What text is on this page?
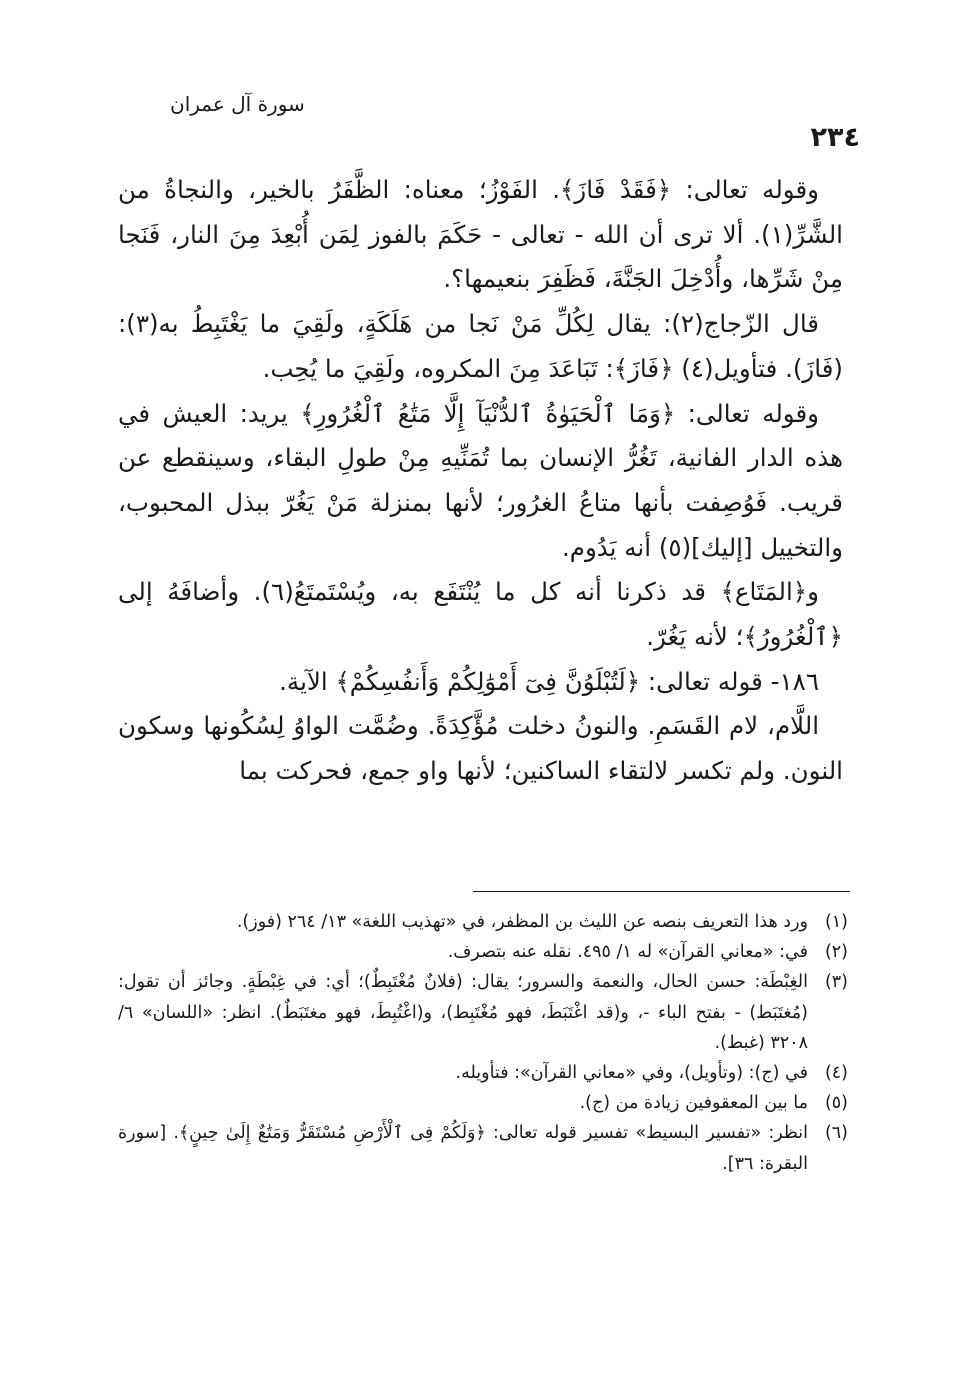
٢٣٤
سورة آل عمران

وقوله تعالى: ﴿فَقَدْ فَازَ﴾. الفَوْزُ؛ معناه: الظَّفَرُ بالخير، والنجاةُ من الشَّرِّ(١). ألا ترى أن الله - تعالى - حَكَمَ بالفوز لِمَن أُبْعِدَ مِنَ النار، فَنَجا مِنْ شَرِّها، وأُدْخِلَ الجَنَّةَ، فَظَفِرَ بنعيمها؟.

قال الزّجاج(٢): يقال لِكُلِّ مَنْ نَجا من هَلَكَةٍ، ولَقِيَ ما يَغْتَبِطُ به(٣): (فَازَ). فتأويل(٤) ﴿فَازَ﴾: تَبَاعَدَ مِنَ المكروه، ولَقِيَ ما يُحِب.

وقوله تعالى: ﴿وَمَا ٱلْحَيَوٰةُ ٱلدُّنْيَآ إِلَّا مَتَٰعُ ٱلْغُرُورِ﴾ يريد: العيش في هذه الدار الفانية، تَغُرُّ الإنسان بما تُمَنِّيهِ مِنْ طولِ البقاء، وسينقطع عن قريب. فَوُصِفت بأنها متاعُ الغرُور؛ لأنها بمنزلة مَنْ يَغُرّ ببذل المحبوب، والتخييل [إليك](٥) أنه يَدُوم.

و﴿المَتَاع﴾ قد ذكرنا أنه كل ما يُنْتَفَع به، ويُسْتَمتَعُ(٦). وأضافَهُ إلى ﴿ٱلْغُرُورُ﴾؛ لأنه يَغُرّ.

١٨٦- قوله تعالى: ﴿لَتُبْلَوُنَّ فِىٓ أَمْوَٰلِكُمْ وَأَنفُسِكُمْ﴾ الآية.

اللَّام، لام القَسَمِ. والنونُ دخلت مُؤَّكِدَةً. وضُمَّت الواوُ لِسُكُونها وسكون النون. ولم تكسر لالتقاء الساكنين؛ لأنها واو جمع، فحركت بما

(١)
ورد هذا التعريف بنصه عن الليث بن المظفر، في «تهذيب اللغة» ١٣/ ٢٦٤ (فوز).
(٢)
في: «معاني القرآن» له ١/ ٤٩٥. نقله عنه بتصرف.
(٣)
الغِبْطَة: حسن الحال، والنعمة والسرور؛ يقال: (فلانٌ مُغْتَبِطٌ)؛ أي: في غِبْطَةٍ. وجائز أن تقول: (مُغتَبَط) - بفتح الباء -، و(قد اغْتَبَطَ، فهو مُغْتَبِط)، و(اغْتُبِطَ، فهو مغتَبَطٌ). انظر: «اللسان» ٦/ ٣٢٠٨ (غبط).
(٤)
في (ج): (وتأويل)، وفي «معاني القرآن»: فتأويله.
(٥)
ما بين المعقوفين زيادة من (ج).
(٦)
انظر: «تفسير البسيط» تفسير قوله تعالى: ﴿وَلَكُمْ فِى ٱلْأَرْضِ مُسْتَقَرٌّ وَمَتَٰعٌ إِلَىٰ حِينٍ﴾. [سورة البقرة: ٣٦].
